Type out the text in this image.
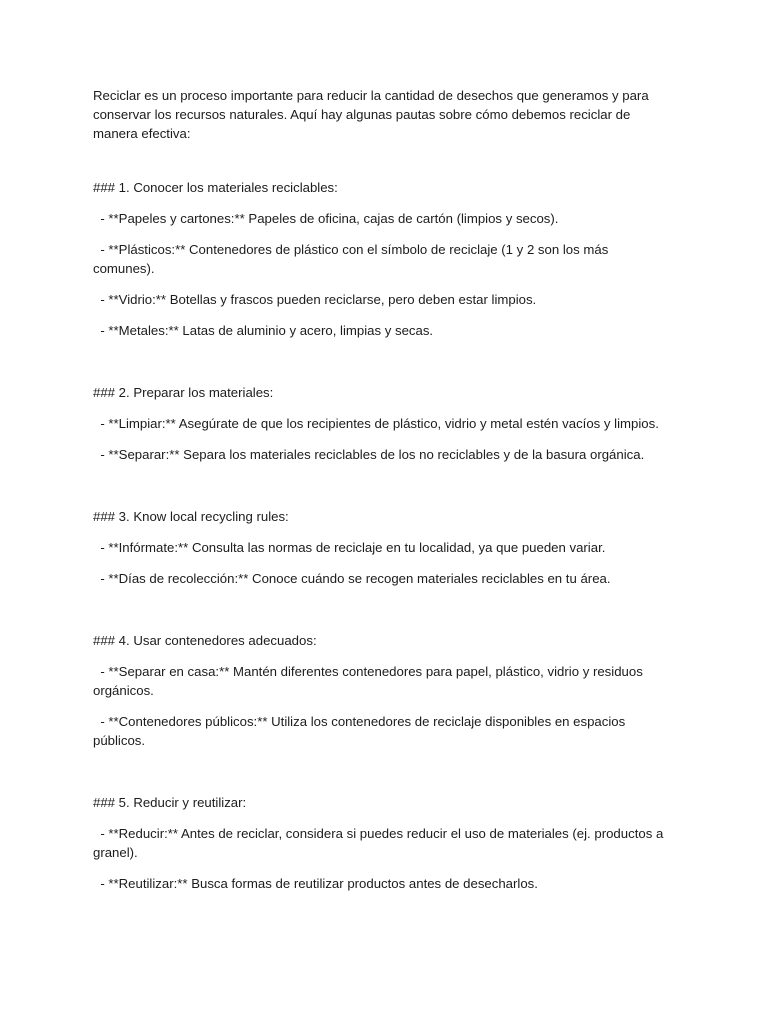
Reciclar es un proceso importante para reducir la cantidad de desechos que generamos y para conservar los recursos naturales. Aquí hay algunas pautas sobre cómo debemos reciclar de manera efectiva:

### 1. Conocer los materiales reciclables:

- **Papeles y cartones:** Papeles de oficina, cajas de cartón (limpios y secos).

- **Plásticos:** Contenedores de plástico con el símbolo de reciclaje (1 y 2 son los más comunes).

- **Vidrio:** Botellas y frascos pueden reciclarse, pero deben estar limpios.

- **Metales:** Latas de aluminio y acero, limpias y secas.

### 2. Preparar los materiales:

- **Limpiar:** Asegúrate de que los recipientes de plástico, vidrio y metal estén vacíos y limpios.

- **Separar:** Separa los materiales reciclables de los no reciclables y de la basura orgánica.

### 3. Know local recycling rules:

- **Infórmate:** Consulta las normas de reciclaje en tu localidad, ya que pueden variar.

- **Días de recolección:** Conoce cuándo se recogen materiales reciclables en tu área.

### 4. Usar contenedores adecuados:

- **Separar en casa:** Mantén diferentes contenedores para papel, plástico, vidrio y residuos orgánicos.

- **Contenedores públicos:** Utiliza los contenedores de reciclaje disponibles en espacios públicos.

### 5. Reducir y reutilizar:

- **Reducir:** Antes de reciclar, considera si puedes reducir el uso de materiales (ej. productos a granel).

- **Reutilizar:** Busca formas de reutilizar productos antes de desecharlos.
